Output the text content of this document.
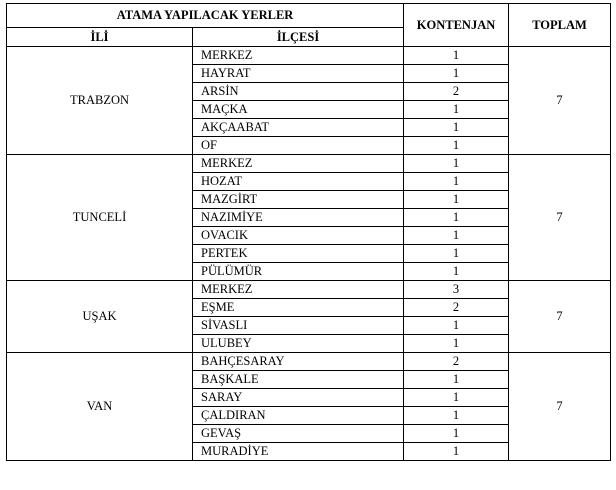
ATAMA YAPILACAK YERLER		KONTENJAN	TOPLAM
İLİ	İLÇESİ		
TRABZON	MERKEZ	1	7
	HAYRAT	1	
	ARSİN	2	
	MAÇKA	1	
	AKÇAABAT	1	
	OF	1	
TUNCELİ	MERKEZ	1	7
	HOZAT	1	
	MAZGİRT	1	
	NAZIMİYE	1	
	OVACIK	1	
	PERTEK	1	
	PÜLÜMÜR	1	
UŞAK	MERKEZ	3	7
	EŞME	2	
	SİVASLI	1	
	ULUBEY	1	
VAN	BAHÇESARAY	2	7
	BAŞKALE	1	
	SARAY	1	
	ÇALDIRAN	1	
	GEVAŞ	1	
	MURADİYE	1	
